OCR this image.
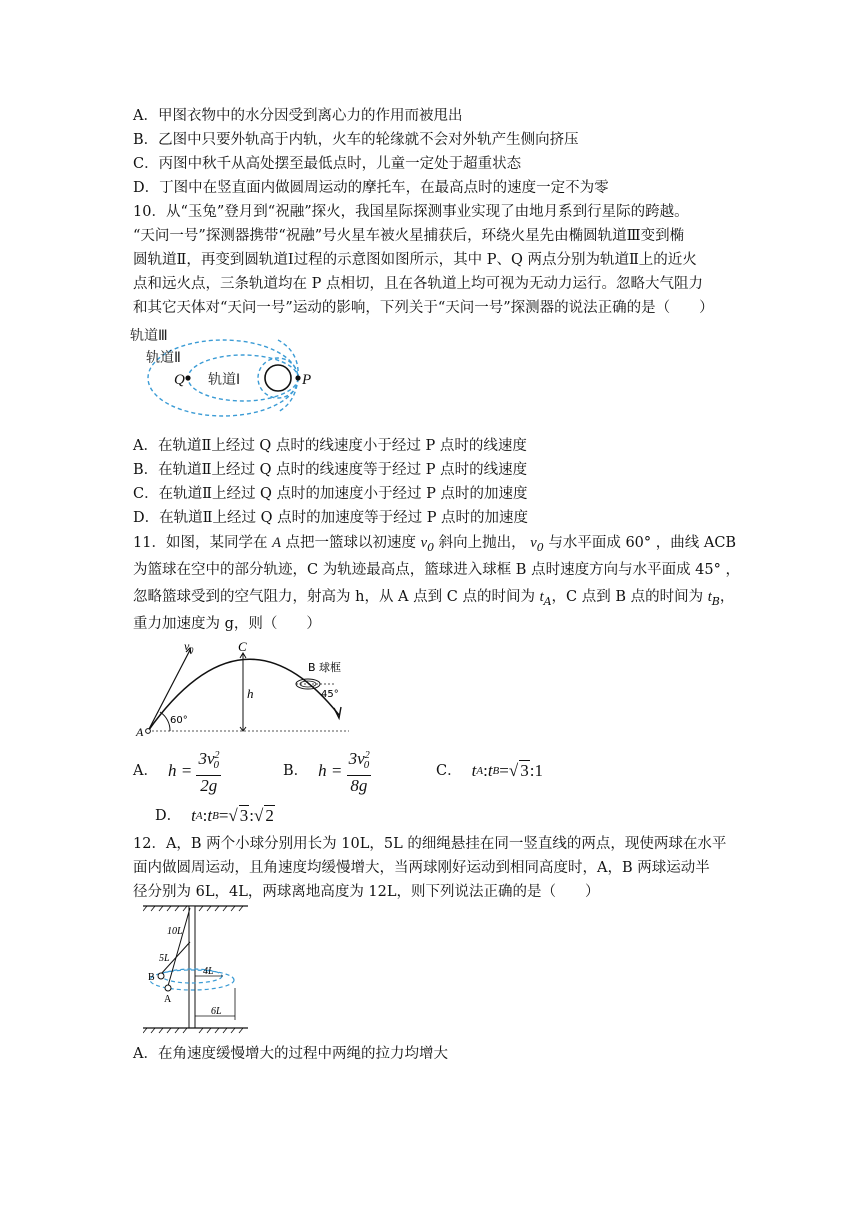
A．甲图衣物中的水分因受到离心力的作用而被甩出
B．乙图中只要外轨高于内轨，火车的轮缘就不会对外轨产生侧向挤压
C．丙图中秋千从高处摆至最低点时，儿童一定处于超重状态
D．丁图中在竖直面内做圆周运动的摩托车，在最高点时的速度一定不为零
10．从“玉兔”登月到“祝融”探火，我国星际探测事业实现了由地月系到行星际的跨越。
“天问一号”探测器携带“祝融”号火星车被火星捕获后，环绕火星先由椭圆轨道Ⅲ变到椭
圆轨道Ⅱ，再变到圆轨道Ⅰ过程的示意图如图所示，其中 P、Q 两点分别为轨道Ⅱ上的近火
点和远火点，三条轨道均在 P 点相切，且在各轨道上均可视为无动力运行。忽略大气阻力
和其它天体对“天问一号”运动的影响，下列关于“天问一号”探测器的说法正确的是（　　）
轨道Ⅲ
轨道Ⅱ
轨道Ⅰ
Q	P
A．在轨道Ⅱ上经过 Q 点时的线速度小于经过 P 点时的线速度
B．在轨道Ⅱ上经过 Q 点时的线速度等于经过 P 点时的线速度
C．在轨道Ⅱ上经过 Q 点时的加速度小于经过 P 点时的加速度
D．在轨道Ⅱ上经过 Q 点时的加速度等于经过 P 点时的加速度
11．如图，某同学在 A 点把一篮球以初速度 $v_0$ 斜向上抛出， $v_0$ 与水平面成 60° ，曲线 ACB
为篮球在空中的部分轨迹，C 为轨迹最高点，篮球进入球框 B 点时速度方向与水平面成 45° ，
忽略篮球受到的空气阻力，射高为 h，从 A 点到 C 点的时间为 $t_A$，C 点到 B 点的时间为 $t_B$，
重力加速度为 g，则（　　）
$v_0$	C
h
B 球框
45°
60°
A
A． h =
$\frac{3v^2_0}{2g}$	B． h =
$\frac{3v^2_0}{8g}$	C． t A : t B = √ 3 :1
D． t A : t B = √ 3 : √ 2
12．A，B 两个小球分别用长为 10L，5L 的细绳悬挂在同一竖直线的两点，现使两球在水平
面内做圆周运动，且角速度均缓慢增大，当两球刚好运动到相同高度时，A，B 两球运动半
径分别为 6L，4L，两球离地高度为 12L，则下列说法正确的是（　　）
10L
5L
4L
6L
B
A
A．在角速度缓慢增大的过程中两绳的拉力均增大
